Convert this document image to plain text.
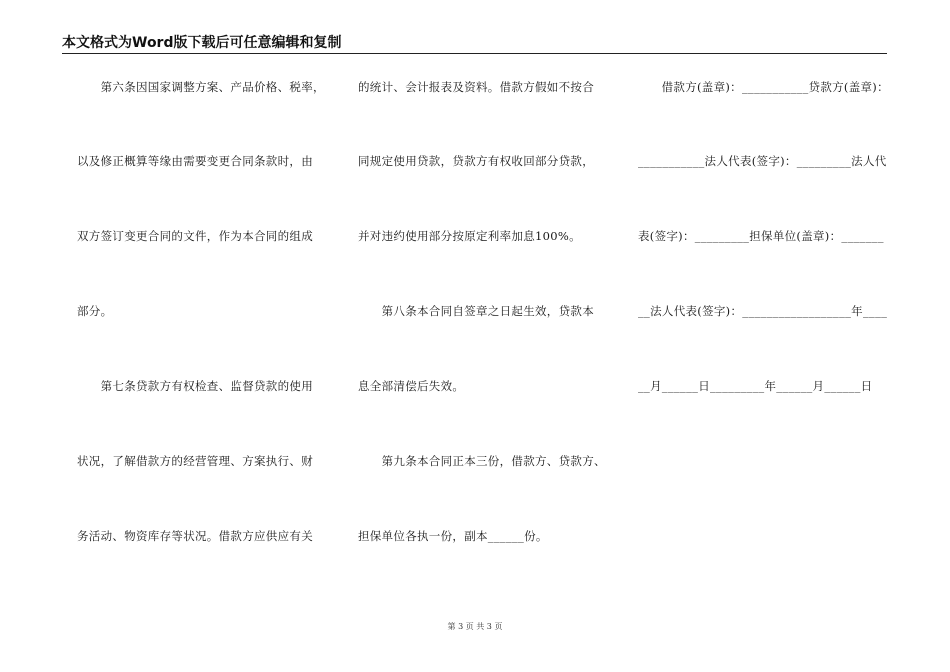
本文格式为Word版下载后可任意编辑和复制
　　第六条因国家调整方案、产品价格、税率，
以及修正概算等缘由需要变更合同条款时，由
双方签订变更合同的文件，作为本合同的组成
部分。
　　第七条贷款方有权检查、监督贷款的使用
状况，了解借款方的经营管理、方案执行、财
务活动、物资库存等状况。借款方应供应有关
的统计、会计报表及资料。借款方假如不按合
同规定使用贷款，贷款方有权收回部分贷款，
并对违约使用部分按原定利率加息100%。
　　第八条本合同自签章之日起生效，贷款本
息全部清偿后失效。
　　第九条本合同正本三份，借款方、贷款方、
担保单位各执一份，副本______份。
　　借款方(盖章)：___________贷款方(盖章)：
___________法人代表(签字)：_________法人代
表(签字)：_________担保单位(盖章)：_______
__法人代表(签字)：__________________年____
__月______日_________年______月______日
第 3 页 共 3 页
